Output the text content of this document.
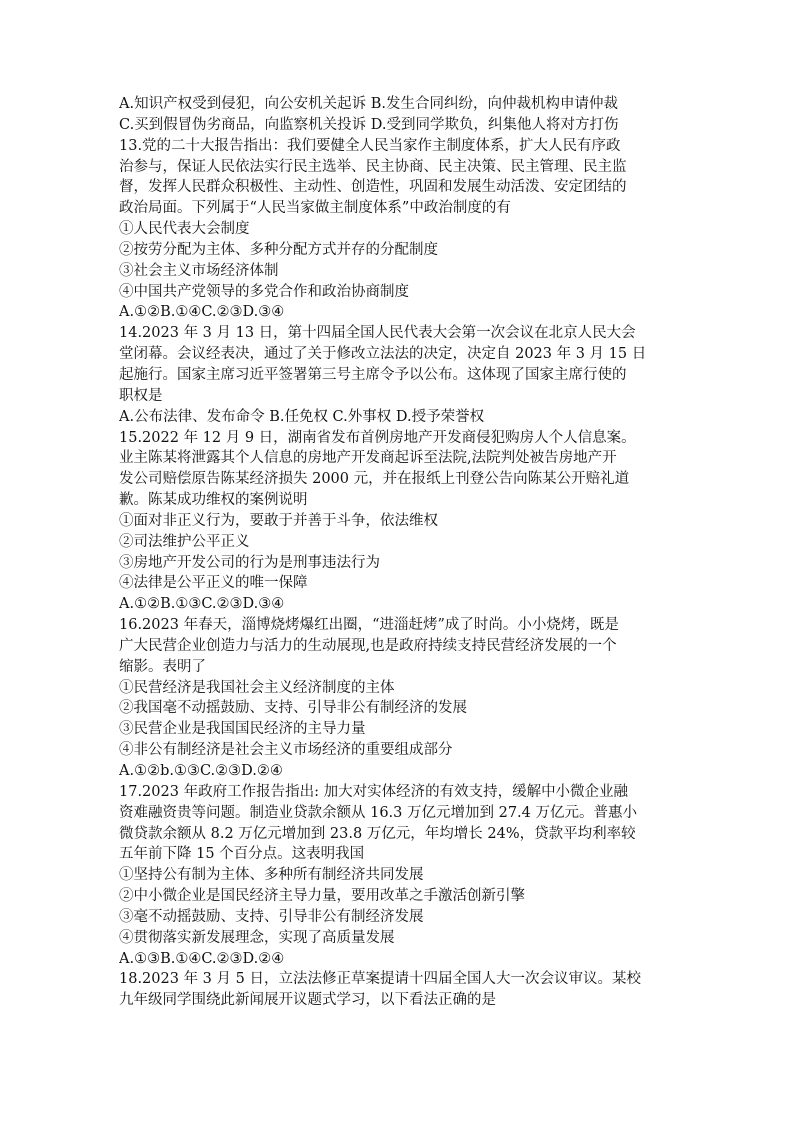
A.知识产权受到侵犯，向公安机关起诉 B.发生合同纠纷，向仲裁机构申请仲裁
C.买到假冒伪劣商品，向监察机关投诉 D.受到同学欺负，纠集他人将对方打伤
13.党的二十大报告指出：我们要健全人民当家作主制度体系，扩大人民有序政
治参与，保证人民依法实行民主选举、民主协商、民主决策、民主管理、民主监
督，发挥人民群众积极性、主动性、创造性，巩固和发展生动活泼、安定团结的
政治局面。下列属于“人民当家做主制度体系”中政治制度的有
①人民代表大会制度
②按劳分配为主体、多种分配方式并存的分配制度
③社会主义市场经济体制
④中国共产党领导的多党合作和政治协商制度
A.①②B.①④C.②③D.③④
14.2023 年 3 月 13 日，第十四届全国人民代表大会第一次会议在北京人民大会
堂闭幕。会议经表决，通过了关于修改立法法的决定，决定自 2023 年 3 月 15 日
起施行。国家主席习近平签署第三号主席令予以公布。这体现了国家主席行使的
职权是
A.公布法律、发布命令 B.任免权 C.外事权 D.授予荣誉权
15.2022 年 12 月 9 日，湖南省发布首例房地产开发商侵犯购房人个人信息案。
业主陈某将泄露其个人信息的房地产开发商起诉至法院,法院判处被告房地产开
发公司赔偿原告陈某经济损失 2000 元，并在报纸上刊登公告向陈某公开赔礼道
歉。陈某成功维权的案例说明
①面对非正义行为，要敢于并善于斗争，依法维权
②司法维护公平正义
③房地产开发公司的行为是刑事违法行为
④法律是公平正义的唯一保障
A.①②B.①③C.②③D.③④
16.2023 年春天，淄博烧烤爆红出圈，“进淄赶烤”成了时尚。小小烧烤，既是
广大民营企业创造力与活力的生动展现,也是政府持续支持民营经济发展的一个
缩影。表明了
①民营经济是我国社会主义经济制度的主体
②我国毫不动摇鼓励、支持、引导非公有制经济的发展
③民营企业是我国国民经济的主导力量
④非公有制经济是社会主义市场经济的重要组成部分
A.①②b.①③C.②③D.②④
17.2023 年政府工作报告指出: 加大对实体经济的有效支持，缓解中小微企业融
资难融资贵等问题。制造业贷款余额从 16.3 万亿元增加到 27.4 万亿元。普惠小
微贷款余额从 8.2 万亿元增加到 23.8 万亿元，年均增长 24%，贷款平均利率较
五年前下降 15 个百分点。这表明我国
①坚持公有制为主体、多种所有制经济共同发展
②中小微企业是国民经济主导力量，要用改革之手激活创新引擎
③毫不动摇鼓励、支持、引导非公有制经济发展
④贯彻落实新发展理念，实现了高质量发展
A.①③B.①④C.②③D.②④
18.2023 年 3 月 5 日，立法法修正草案提请十四届全国人大一次会议审议。某校
九年级同学围绕此新闻展开议题式学习，以下看法正确的是
